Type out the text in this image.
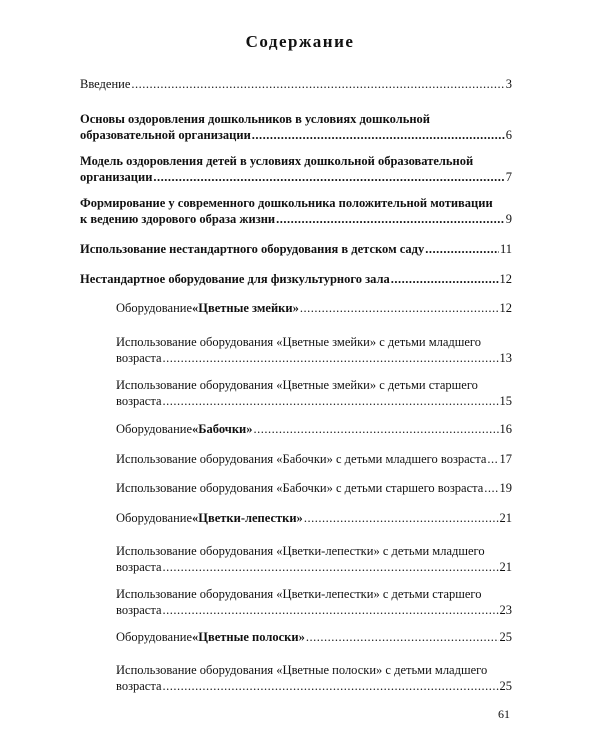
Содержание
Введение .....	3
Основы оздоровления дошкольников в условиях дошкольной
образовательной организации .....	6
Модель оздоровления детей в условиях дошкольной образовательной
организации .....	7
Формирование у современного дошкольника положительной мотивации
к ведению здорового образа жизни .....	9
Использование нестандартного оборудования в детском саду .....	11
Нестандартное оборудование для физкультурного зала .....	12
Оборудование «Цветные змейки» .....	12
Использование оборудования «Цветные змейки» с детьми младшего
возраста .....	13
Использование оборудования «Цветные змейки» с детьми старшего
возраста .....	15
Оборудование «Бабочки» .....	16
Использование оборудования «Бабочки» с детьми младшего возраста ..... 17
Использование оборудования «Бабочки» с детьми старшего возраста ..... 19
Оборудование «Цветки-лепестки» .....	21
Использование оборудования «Цветки-лепестки» с детьми младшего
возраста .....	21
Использование оборудования «Цветки-лепестки» с детьми старшего
возраста .....	23
Оборудование «Цветные полоски» .....	25
Использование оборудования «Цветные полоски» с детьми младшего
возраста .....	25
61
